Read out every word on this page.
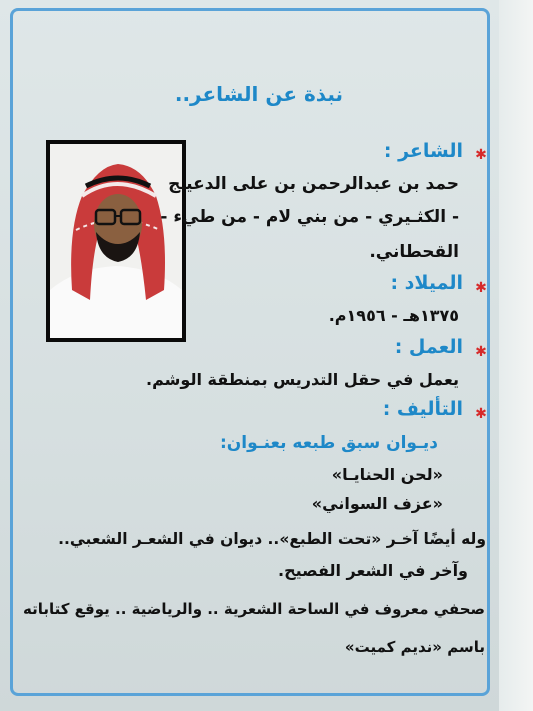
نبذة عن الشاعر..
✱
الشاعر :
حمد بن عبدالرحمن بن على الدعيـج
- الكثـيري - من بني لام - من طيء -
القحطاني.
✱
الميلاد :
١٣٧٥هـ - ١٩٥٦م.
✱
العمل :
يعمل في حقل التدريس بمنطقة الوشم.
✱
التأليف :
ديـوان سبق طبعه بعنـوان:
«لحن الحنايـا»
«عزف السواني»
وله أيضًا آخـر «تحت الطبع».. ديوان في الشعـر الشعبي..
وآخر في الشعر الفصيح.
صحفي معروف في الساحة الشعرية .. والرياضية .. يوقع كتاباته
باسم «نديم كميت»
